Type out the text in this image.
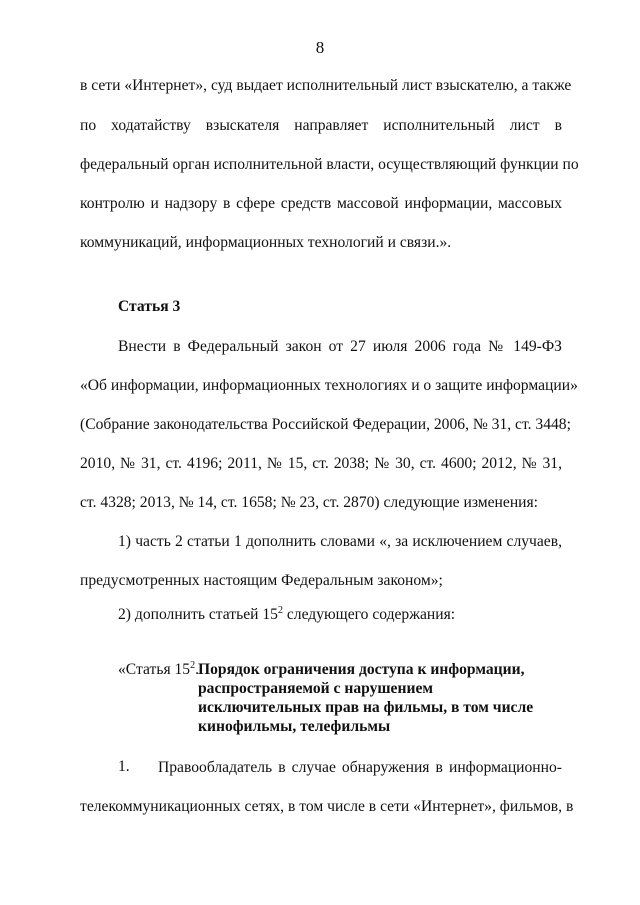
8
в сети «Интернет», суд выдает исполнительный лист взыскателю, а также
по ходатайству взыскателя направляет исполнительный лист в
федеральный орган исполнительной власти, осуществляющий функции по
контролю и надзору в сфере средств массовой информации, массовых
коммуникаций, информационных технологий и связи.».
Статья 3
Внести в Федеральный закон от 27 июля 2006 года № 149-ФЗ
«Об информации, информационных технологиях и о защите информации»
(Собрание законодательства Российской Федерации, 2006, № 31, ст. 3448;
2010, № 31, ст. 4196; 2011, № 15, ст. 2038; № 30, ст. 4600; 2012, № 31,
ст. 4328; 2013, № 14, ст. 1658; № 23, ст. 2870) следующие изменения:
1) часть 2 статьи 1 дополнить словами «, за исключением случаев,
предусмотренных настоящим Федеральным законом»;
2) дополнить статьей $15^2$ следующего содержания:
«Статья $15^2$.
Порядок ограничения доступа к информации,
распространяемой с нарушением
исключительных прав на фильмы, в том числе
кинофильмы, телефильмы
1. Правообладатель в случае обнаружения в информационно-
телекоммуникационных сетях, в том числе в сети «Интернет», фильмов, в
